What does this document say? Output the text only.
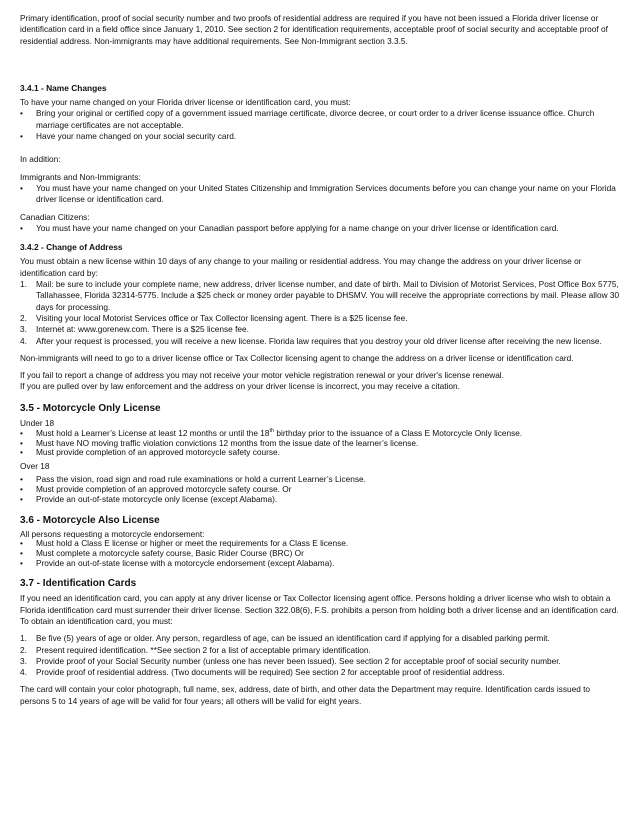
Primary identification, proof of social security number and two proofs of residential address are required if you have not been issued a Florida driver license or identification card in a field office since January 1, 2010. See section 2 for identification requirements, acceptable proof of social security and acceptable proof of residential address. Non-immigrants may have additional requirements. See Non-Immigrant section 3.3.5.

3.4.1 - Name Changes

To have your name changed on your Florida driver license or identification card, you must:

• Bring your original or certified copy of a government issued marriage certificate, divorce decree, or court order to a driver license issuance office. Church marriage certificates are not acceptable.
• Have your name changed on your social security card.

In addition:

Immigrants and Non-Immigrants:

• You must have your name changed on your United States Citizenship and Immigration Services documents before you can change your name on your Florida driver license or identification card.

Canadian Citizens:

• You must have your name changed on your Canadian passport before applying for a name change on your driver license or identification card.

3.4.2 - Change of Address

You must obtain a new license within 10 days of any change to your mailing or residential address. You may change the address on your driver license or identification card by:

1. Mail: be sure to include your complete name, new address, driver license number, and date of birth. Mail to Division of Motorist Services, Post Office Box 5775, Tallahassee, Florida 32314-5775. Include a $25 check or money order payable to DHSMV. You will receive the appropriate corrections by mail. Please allow 30 days for processing.
2. Visiting your local Motorist Services office or Tax Collector licensing agent. There is a $25 license fee.
3. Internet at: www.gorenew.com. There is a $25 license fee.
4. After your request is processed, you will receive a new license. Florida law requires that you destroy your old driver license after receiving the new license.

Non-immigrants will need to go to a driver license office or Tax Collector licensing agent to change the address on a driver license or identification card.

If you fail to report a change of address you may not receive your motor vehicle registration renewal or your driver's license renewal.

If you are pulled over by law enforcement and the address on your driver license is incorrect, you may receive a citation.

3.5 - Motorcycle Only License

Under 18

• Must hold a Learner’s License at least 12 months or until the 18th birthday prior to the issuance of a Class E Motorcycle Only license.
• Must have NO moving traffic violation convictions 12 months from the issue date of the learner’s license.
• Must provide completion of an approved motorcycle safety course.

Over 18

• Pass the vision, road sign and road rule examinations or hold a current Learner’s License.
• Must provide completion of an approved motorcycle safety course. Or
• Provide an out-of-state motorcycle only license (except Alabama).

3.6 - Motorcycle Also License

All persons requesting a motorcycle endorsement:

• Must hold a Class E license or higher or meet the requirements for a Class E license.
• Must complete a motorcycle safety course, Basic Rider Course (BRC) Or
• Provide an out-of-state license with a motorcycle endorsement (except Alabama).

3.7 - Identification Cards

If you need an identification card, you can apply at any driver license or Tax Collector licensing agent office. Persons holding a driver license who wish to obtain a Florida identification card must surrender their driver license. Section 322.08(6), F.S. prohibits a person from holding both a driver license and an identification card. To obtain an identification card, you must:

1. Be five (5) years of age or older. Any person, regardless of age, can be issued an identification card if applying for a disabled parking permit.
2. Present required identification. **See section 2 for a list of acceptable primary identification.
3. Provide proof of your Social Security number (unless one has never been issued). See section 2 for acceptable proof of social security number.
4. Provide proof of residential address. (Two documents will be required) See section 2 for acceptable proof of residential address.

The card will contain your color photograph, full name, sex, address, date of birth, and other data the Department may require. Identification cards issued to persons 5 to 14 years of age will be valid for four years; all others will be valid for eight years.
